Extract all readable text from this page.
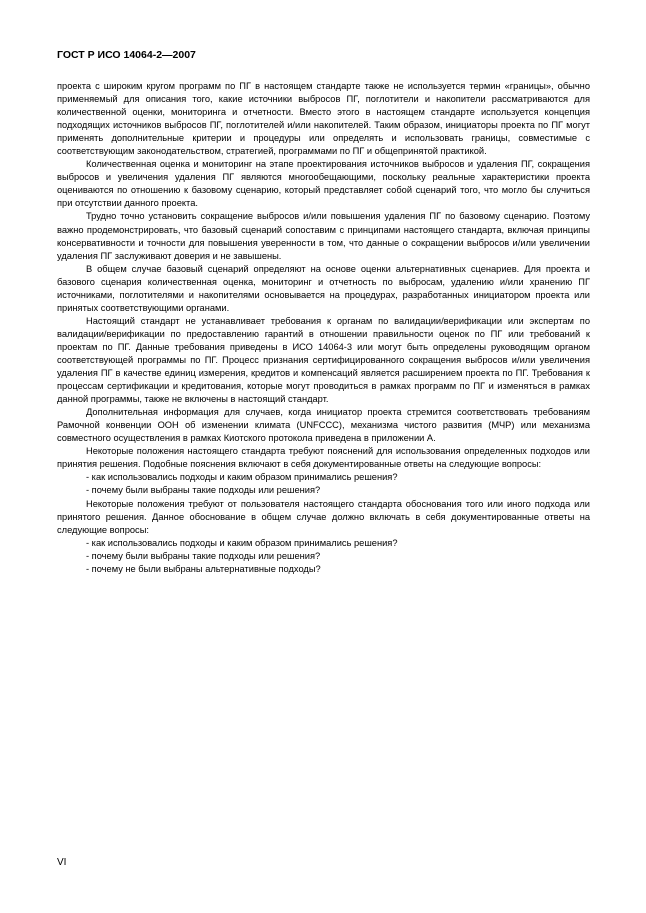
ГОСТ Р ИСО 14064-2—2007

проекта с широким кругом программ по ПГ в настоящем стандарте также не используется термин «границы», обычно применяемый для описания того, какие источники выбросов ПГ, поглотители и накопители рассматриваются для количественной оценки, мониторинга и отчетности. Вместо этого в настоящем стандарте используется концепция подходящих источников выбросов ПГ, поглотителей и/или накопителей. Таким образом, инициаторы проекта по ПГ могут применять дополнительные критерии и процедуры или определять и использовать границы, совместимые с соответствующим законодательством, стратегией, программами по ПГ и общепринятой практикой.

Количественная оценка и мониторинг на этапе проектирования источников выбросов и удаления ПГ, сокращения выбросов и увеличения удаления ПГ являются многообещающими, поскольку реальные характеристики проекта оцениваются по отношению к базовому сценарию, который представляет собой сценарий того, что могло бы случиться при отсутствии данного проекта.

Трудно точно установить сокращение выбросов и/или повышения удаления ПГ по базовому сценарию. Поэтому важно продемонстрировать, что базовый сценарий сопоставим с принципами настоящего стандарта, включая принципы консервативности и точности для повышения уверенности в том, что данные о сокращении выбросов и/или увеличении удаления ПГ заслуживают доверия и не завышены.

В общем случае базовый сценарий определяют на основе оценки альтернативных сценариев. Для проекта и базового сценария количественная оценка, мониторинг и отчетность по выбросам, удалению и/или хранению ПГ источниками, поглотителями и накопителями основывается на процедурах, разработанных инициатором проекта или принятых соответствующими органами.

Настоящий стандарт не устанавливает требования к органам по валидации/верификации или экспертам по валидации/верификации по предоставлению гарантий в отношении правильности оценок по ПГ или требований к проектам по ПГ. Данные требования приведены в ИСО 14064-3 или могут быть определены руководящим органом соответствующей программы по ПГ. Процесс признания сертифицированного сокращения выбросов и/или увеличения удаления ПГ в качестве единиц измерения, кредитов и компенсаций является расширением проекта по ПГ. Требования к процессам сертификации и кредитования, которые могут проводиться в рамках программ по ПГ и изменяться в рамках данной программы, также не включены в настоящий стандарт.

Дополнительная информация для случаев, когда инициатор проекта стремится соответствовать требованиям Рамочной конвенции ООН об изменении климата (UNFCCC), механизма чистого развития (МЧР) или механизма совместного осуществления в рамках Киотского протокола приведена в приложении А.

Некоторые положения настоящего стандарта требуют пояснений для использования определенных подходов или принятия решения. Подобные пояснения включают в себя документированные ответы на следующие вопросы:

- как использовались подходы и каким образом принимались решения?

- почему были выбраны такие подходы или решения?

Некоторые положения требуют от пользователя настоящего стандарта обоснования того или иного подхода или принятого решения. Данное обоснование в общем случае должно включать в себя документированные ответы на следующие вопросы:

- как использовались подходы и каким образом принимались решения?

- почему были выбраны такие подходы или решения?

- почему не были выбраны альтернативные подходы?

VI
